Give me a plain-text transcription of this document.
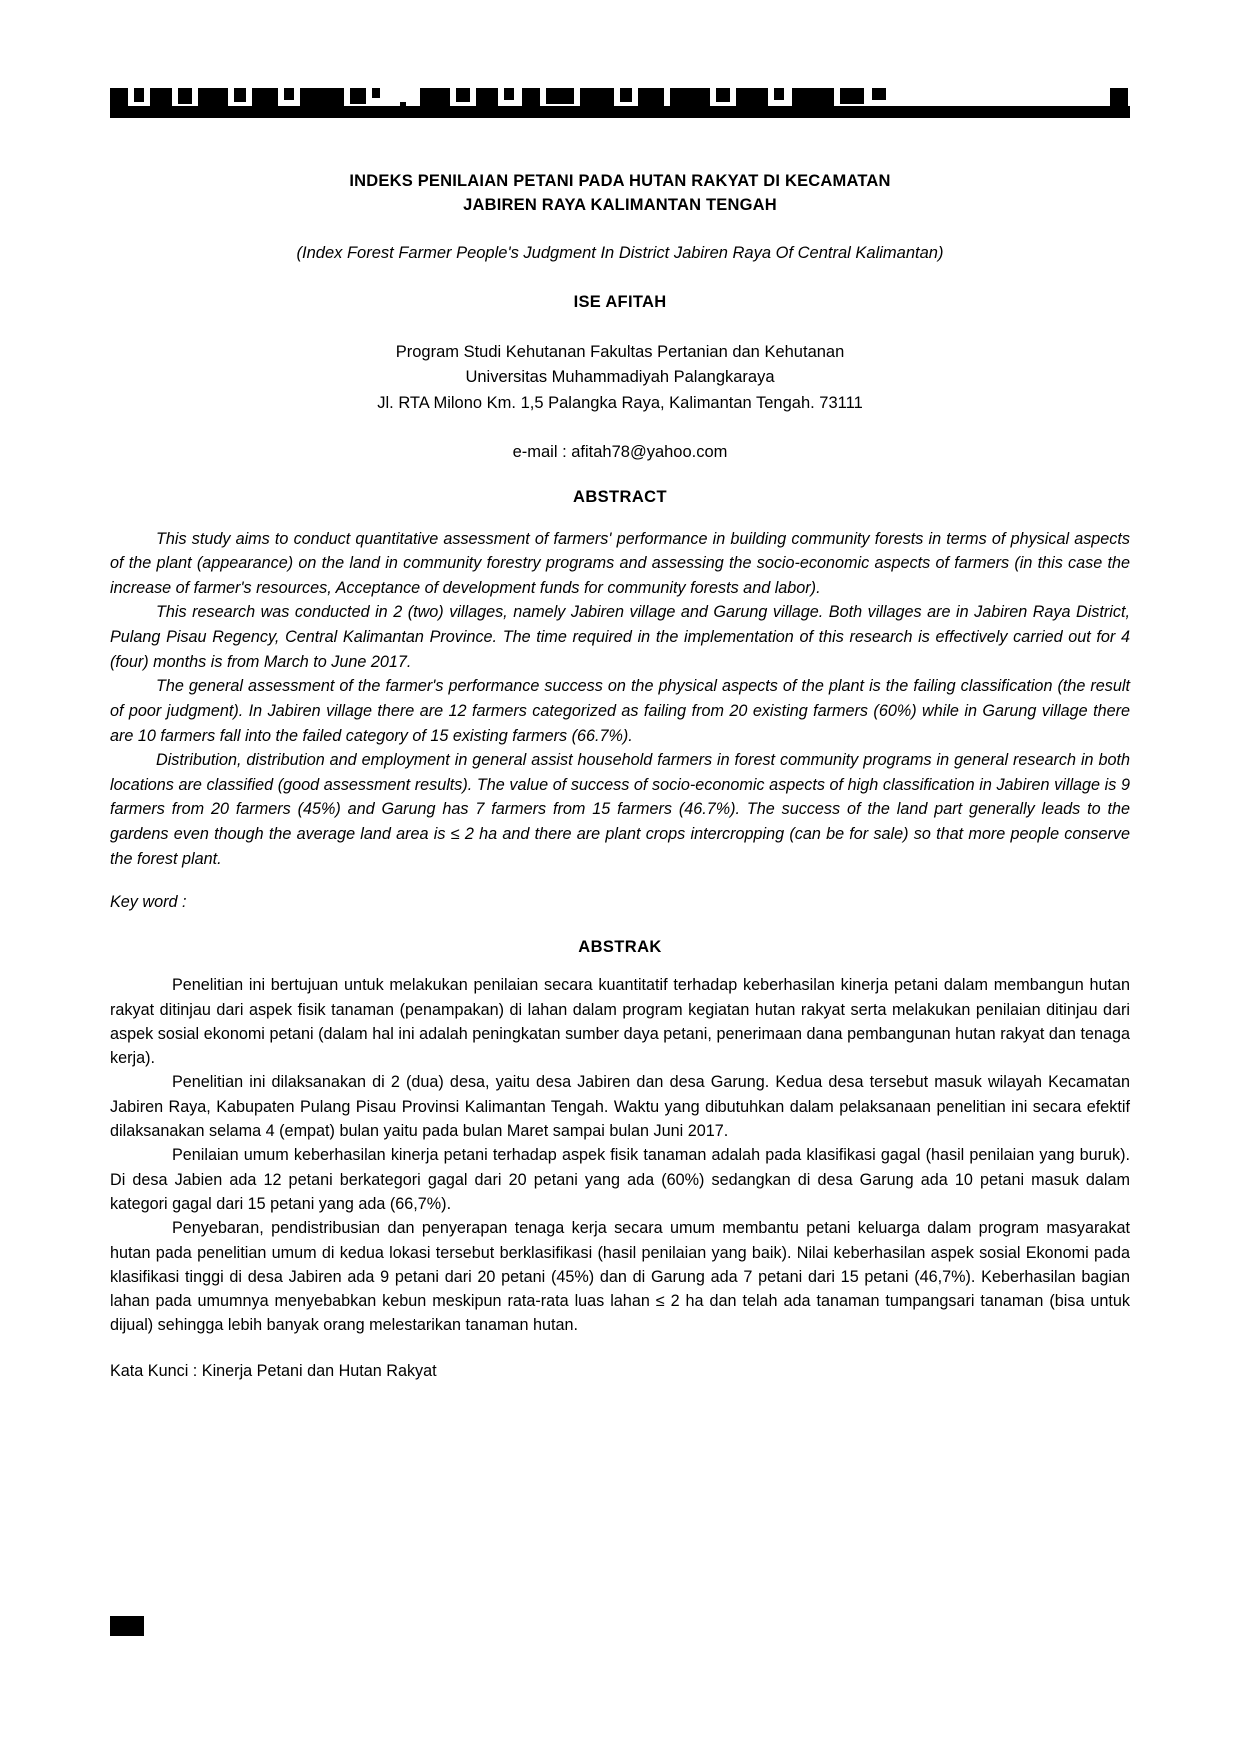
INDEKS PENILAIAN PETANI PADA HUTAN RAKYAT DI KECAMATAN
JABIREN RAYA KALIMANTAN TENGAH
(Index Forest Farmer People's Judgment In District Jabiren Raya Of Central Kalimantan)
ISE AFITAH
Program Studi Kehutanan Fakultas Pertanian dan Kehutanan
Universitas Muhammadiyah Palangkaraya
Jl. RTA Milono Km. 1,5 Palangka Raya, Kalimantan Tengah. 73111
e-mail : afitah78@yahoo.com
ABSTRACT

This study aims to conduct quantitative assessment of farmers' performance in building community forests in terms of physical aspects of the plant (appearance) on the land in community forestry programs and assessing the socio-economic aspects of farmers (in this case the increase of farmer's resources, Acceptance of development funds for community forests and labor).

This research was conducted in 2 (two) villages, namely Jabiren village and Garung village. Both villages are in Jabiren Raya District, Pulang Pisau Regency, Central Kalimantan Province. The time required in the implementation of this research is effectively carried out for 4 (four) months is from March to June 2017.

The general assessment of the farmer's performance success on the physical aspects of the plant is the failing classification (the result of poor judgment). In Jabiren village there are 12 farmers categorized as failing from 20 existing farmers (60%) while in Garung village there are 10 farmers fall into the failed category of 15 existing farmers (66.7%).

Distribution, distribution and employment in general assist household farmers in forest community programs in general research in both locations are classified (good assessment results). The value of success of socio-economic aspects of high classification in Jabiren village is 9 farmers from 20 farmers (45%) and Garung has 7 farmers from 15 farmers (46.7%). The success of the land part generally leads to the gardens even though the average land area is ≤ 2 ha and there are plant crops intercropping (can be for sale) so that more people conserve the forest plant.

Key word :
ABSTRAK

Penelitian ini bertujuan untuk melakukan penilaian secara kuantitatif terhadap keberhasilan kinerja petani dalam membangun hutan rakyat ditinjau dari aspek fisik tanaman (penampakan) di lahan dalam program kegiatan hutan rakyat serta melakukan penilaian ditinjau dari aspek sosial ekonomi petani (dalam hal ini adalah peningkatan sumber daya petani, penerimaan dana pembangunan hutan rakyat dan tenaga kerja).

Penelitian ini dilaksanakan di 2 (dua) desa, yaitu desa Jabiren dan desa Garung. Kedua desa tersebut masuk wilayah Kecamatan Jabiren Raya, Kabupaten Pulang Pisau Provinsi Kalimantan Tengah. Waktu yang dibutuhkan dalam pelaksanaan penelitian ini secara efektif dilaksanakan selama 4 (empat) bulan yaitu pada bulan Maret sampai bulan Juni 2017.

Penilaian umum keberhasilan kinerja petani terhadap aspek fisik tanaman adalah pada klasifikasi gagal (hasil penilaian yang buruk). Di desa Jabien ada 12 petani berkategori gagal dari 20 petani yang ada (60%) sedangkan di desa Garung ada 10 petani masuk dalam kategori gagal dari 15 petani yang ada (66,7%).

Penyebaran, pendistribusian dan penyerapan tenaga kerja secara umum membantu petani keluarga dalam program masyarakat hutan pada penelitian umum di kedua lokasi tersebut berklasifikasi (hasil penilaian yang baik). Nilai keberhasilan aspek sosial Ekonomi pada klasifikasi tinggi di desa Jabiren ada 9 petani dari 20 petani (45%) dan di Garung ada 7 petani dari 15 petani (46,7%). Keberhasilan bagian lahan pada umumnya menyebabkan kebun meskipun rata-rata luas lahan ≤ 2 ha dan telah ada tanaman tumpangsari tanaman (bisa untuk dijual) sehingga lebih banyak orang melestarikan tanaman hutan.

Kata Kunci : Kinerja Petani dan Hutan Rakyat
